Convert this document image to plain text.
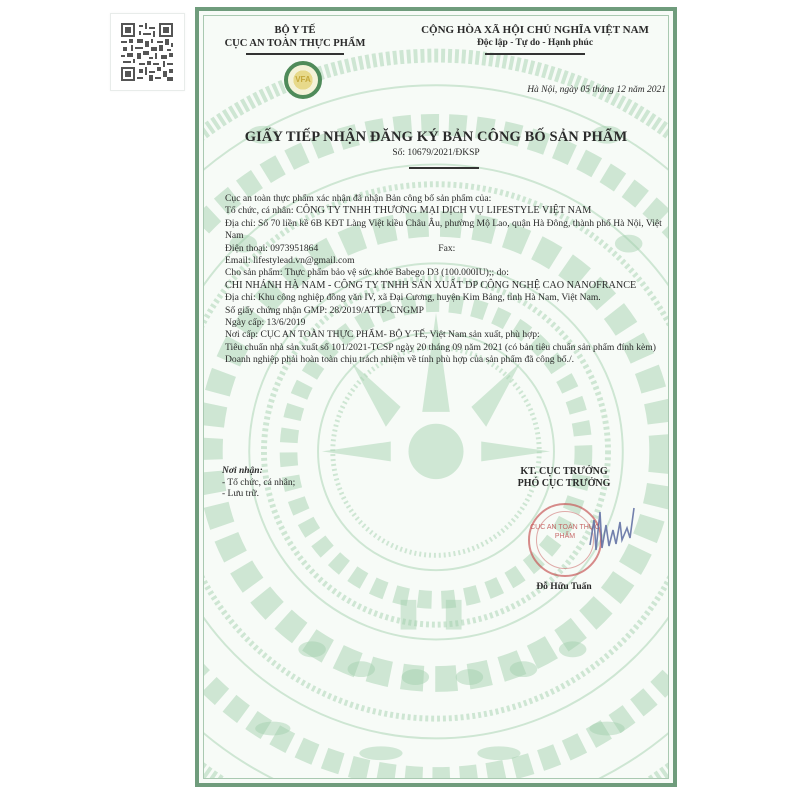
BỘ Y TẾ
CỤC AN TOÀN THỰC PHẨM
VFA
CỘNG HÒA XÃ HỘI CHỦ NGHĨA VIỆT NAM
Độc lập - Tự do - Hạnh phúc
Hà Nội, ngày 05 tháng 12 năm 2021
GIẤY TIẾP NHẬN ĐĂNG KÝ BẢN CÔNG BỐ SẢN PHẨM
Số: 10679/2021/ĐKSP
Cục an toàn thực phẩm xác nhận đã nhận Bản công bố sản phẩm của:
Tổ chức, cá nhân: CÔNG TY TNHH THƯƠNG MẠI DỊCH VỤ LIFESTYLE VIỆT NAM
Địa chỉ: Số 70 liền kề 6B KĐT Làng Việt kiều Châu Âu, phường Mộ Lao, quận Hà Đông, thành phố Hà Nội, Việt Nam
Điện thoại: 0973951864	Fax:
Email: lifestylead.vn@gmail.com
Cho sản phẩm: Thực phẩm bảo vệ sức khỏe Babego D3 (100.000IU);; do:
CHI NHÁNH HÀ NAM - CÔNG TY TNHH SẢN XUẤT DP CÔNG NGHỆ CAO NANOFRANCE
Địa chỉ: Khu công nghiệp đồng văn IV, xã Đại Cương, huyện Kim Bảng, tỉnh Hà Nam, Việt Nam.
Số giấy chứng nhận GMP: 28/2019/ATTP-CNGMP
Ngày cấp: 13/6/2019
Nơi cấp: CỤC AN TOÀN THỰC PHẨM- BỘ Y TẾ, Việt Nam sản xuất, phù hợp:
Tiêu chuẩn nhà sản xuất số 101/2021-TCSP ngày 20 tháng 09 năm 2021 (có bản tiêu chuẩn sản phẩm đính kèm)
Doanh nghiệp phải hoàn toàn chịu trách nhiệm về tính phù hợp của sản phẩm đã công bố./.
Nơi nhận:
- Tổ chức, cá nhân;
- Lưu trữ.
KT. CỤC TRƯỞNG
PHÓ CỤC TRƯỞNG
CỤC AN TOÀN THỰC PHẨM
Đỗ Hữu Tuấn
